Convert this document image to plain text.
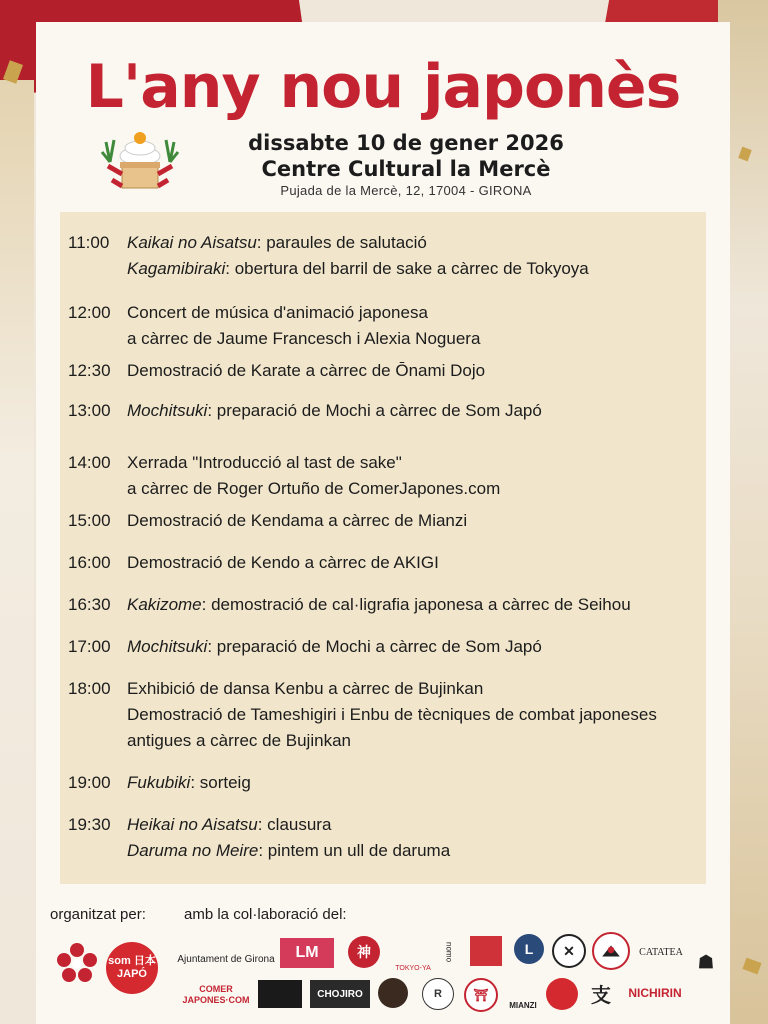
L'any nou japonès
dissabte 10 de gener 2026
Centre Cultural la Mercè
Pujada de la Mercè, 12, 17004 - GIRONA
11:00	Kaikai no Aisatsu: paraules de salutació
Kagamibiraki: obertura del barril de sake a càrrec de Tokyoya
12:00 Concert de música d'animació japonesa
a càrrec de Jaume Francesch i Alexia Noguera
12:30 Demostració de Karate a càrrec de Ōnami Dojo
13:00 Mochitsuki: preparació de Mochi a càrrec de Som Japó
14:00 Xerrada "Introducció al tast de sake"
a càrrec de Roger Ortuño de ComerJapones.com
15:00 Demostració de Kendama a càrrec de Mianzi
16:00 Demostració de Kendo a càrrec de AKIGI
16:30 Kakizome: demostració de cal·ligrafia japonesa a càrrec de Seihou
17:00 Mochitsuki: preparació de Mochi a càrrec de Som Japó
18:00 Exhibició de dansa Kenbu a càrrec de Bujinkan
Demostració de Tameshigiri i Enbu de tècniques de combat japoneses
antigues a càrrec de Bujinkan
19:00 Fukubiki: sorteig
19:30 Heikai no Aisatsu: clausura
Daruma no Meire: pintem un ull de daruma
organitzat per:	amb la col·laboració del:
som 日本 JAPÓ
Ajuntament de Girona	LM	神
TOKYO-YA
nomo	L	✕	CATATEA ☗
COMER JAPONES·COM
CHOJIRO	R	⛩
MIANZI	支	NICHIRIN
